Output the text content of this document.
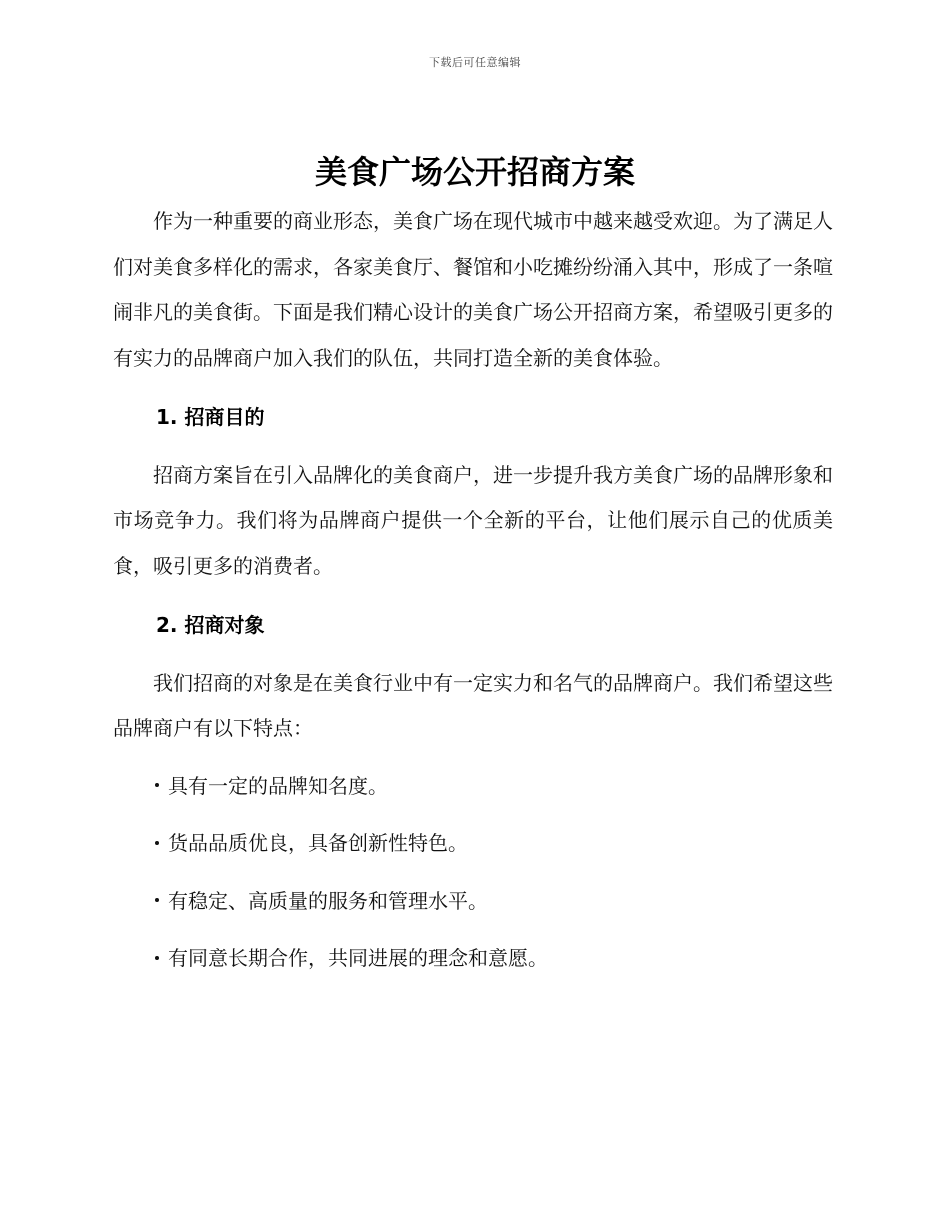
下载后可任意编辑
美食广场公开招商方案

作为一种重要的商业形态，美食广场在现代城市中越来越受欢迎。为了满足人们对美食多样化的需求，各家美食厅、餐馆和小吃摊纷纷涌入其中，形成了一条喧闹非凡的美食街。下面是我们精心设计的美食广场公开招商方案，希望吸引更多的有实力的品牌商户加入我们的队伍，共同打造全新的美食体验。

1. 招商目的

招商方案旨在引入品牌化的美食商户，进一步提升我方美食广场的品牌形象和市场竞争力。我们将为品牌商户提供一个全新的平台，让他们展示自己的优质美食，吸引更多的消费者。

2. 招商对象

我们招商的对象是在美食行业中有一定实力和名气的品牌商户。我们希望这些品牌商户有以下特点：

具有一定的品牌知名度。
货品品质优良，具备创新性特色。
有稳定、高质量的服务和管理水平。
有同意长期合作，共同进展的理念和意愿。
